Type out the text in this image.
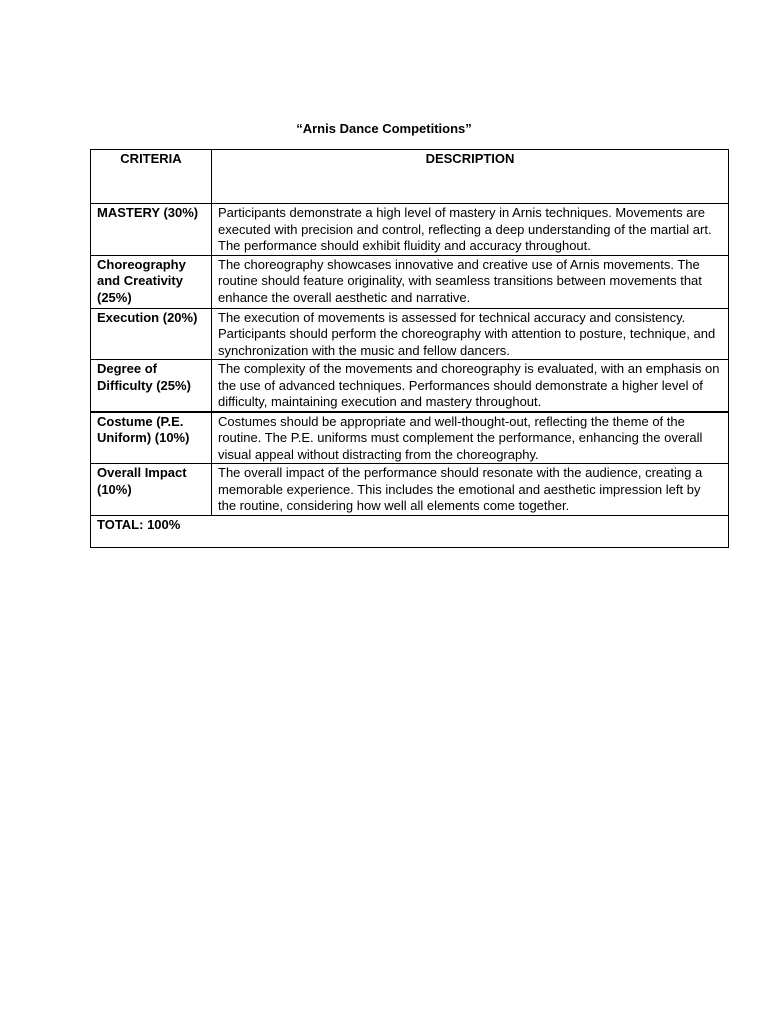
“Arnis Dance Competitions”
CRITERIA	DESCRIPTION
MASTERY (30%)	Participants demonstrate a high level of mastery in Arnis techniques. Movements are executed with precision and control, reflecting a deep understanding of the martial art. The performance should exhibit fluidity and accuracy throughout.
Choreography and Creativity (25%)	The choreography showcases innovative and creative use of Arnis movements. The routine should feature originality, with seamless transitions between movements that enhance the overall aesthetic and narrative.
Execution (20%)	The execution of movements is assessed for technical accuracy and consistency. Participants should perform the choreography with attention to posture, technique, and synchronization with the music and fellow dancers.
Degree of Difficulty (25%)	The complexity of the movements and choreography is evaluated, with an emphasis on the use of advanced techniques. Performances should demonstrate a higher level of difficulty, maintaining execution and mastery throughout.
Costume (P.E. Uniform) (10%)	Costumes should be appropriate and well-thought-out, reflecting the theme of the routine. The P.E. uniforms must complement the performance, enhancing the overall visual appeal without distracting from the choreography.
Overall Impact (10%)	The overall impact of the performance should resonate with the audience, creating a memorable experience. This includes the emotional and aesthetic impression left by the routine, considering how well all elements come together.
TOTAL: 100%	
